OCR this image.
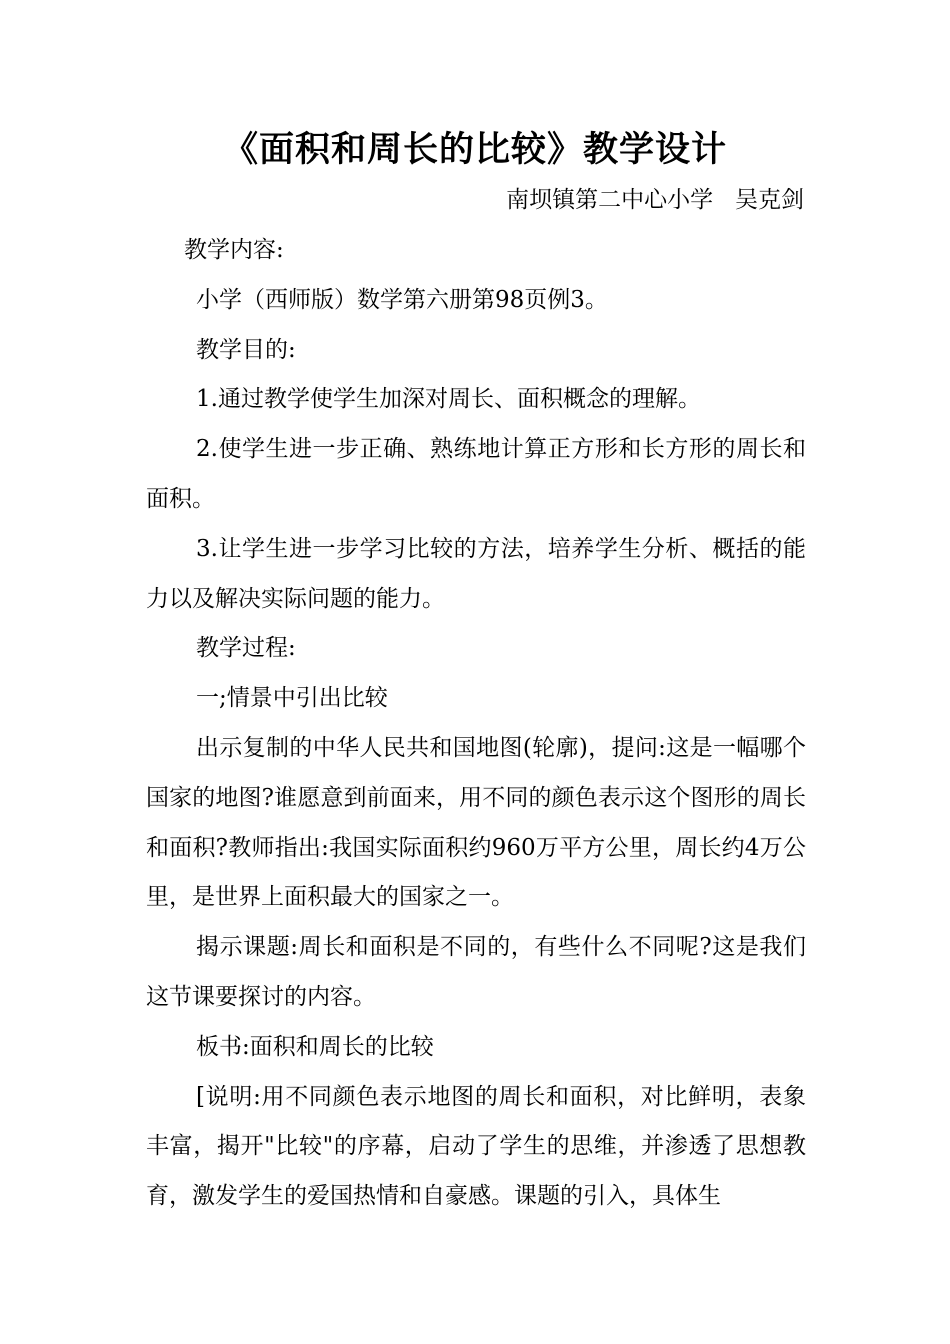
《面积和周长的比较》教学设计
南坝镇第二中心小学   吴克剑

教学内容:

小学（西师版）数学第六册第98页例3。

教学目的:

1.通过教学使学生加深对周长、面积概念的理解。

2.使学生进一步正确、熟练地计算正方形和长方形的周长和面积。

3.让学生进一步学习比较的方法，培养学生分析、概括的能力以及解决实际问题的能力。

教学过程:

一;情景中引出比较

出示复制的中华人民共和国地图(轮廓)，提问:这是一幅哪个国家的地图?谁愿意到前面来，用不同的颜色表示这个图形的周长和面积?教师指出:我国实际面积约960万平方公里，周长约4万公里，是世界上面积最大的国家之一。

揭示课题:周长和面积是不同的，有些什么不同呢?这是我们这节课要探讨的内容。

板书:面积和周长的比较

[说明:用不同颜色表示地图的周长和面积，对比鲜明，表象丰富，揭开"比较"的序幕，启动了学生的思维，并渗透了思想教育，激发学生的爱国热情和自豪感。课题的引入，具体生
